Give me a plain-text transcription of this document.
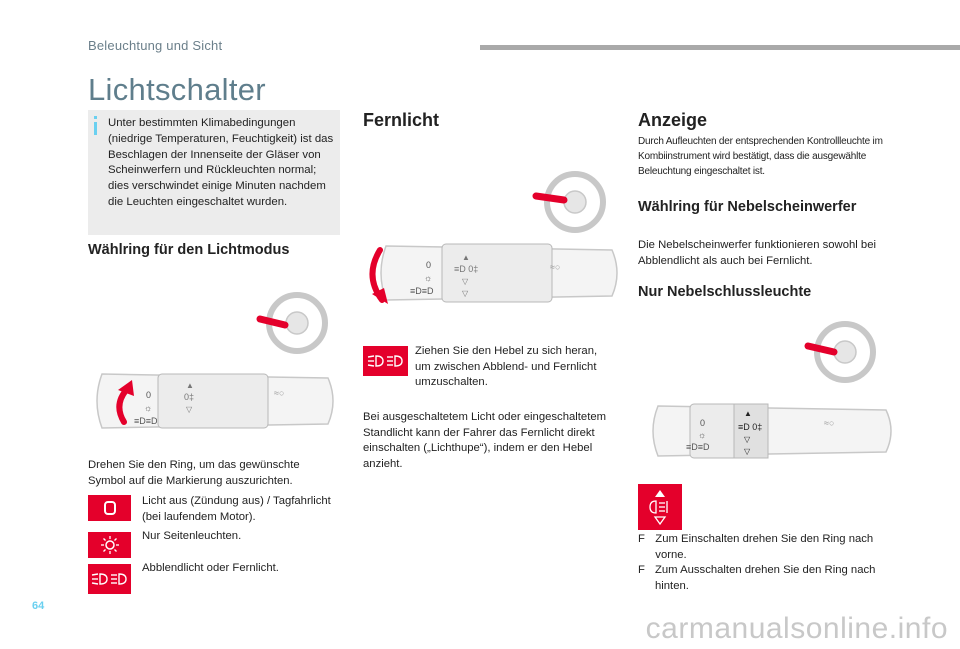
Beleuchtung und Sicht
Lichtschalter
Unter bestimmten Klimabedingungen (niedrige Temperaturen, Feuchtigkeit) ist das Beschlagen der Innenseite der Gläser von Scheinwerfern und Rückleuchten normal; dies verschwindet einige Minuten nachdem die Leuchten eingeschaltet wurden.
Wählring für den Lichtmodus
0
☼
≡D≡D
▲
0‡
▽
≈○
Drehen Sie den Ring, um das gewünschte Symbol auf die Markierung auszurichten.
Licht aus (Zündung aus) / Tagfahrlicht (bei laufendem Motor).
Nur Seitenleuchten.
Abblendlicht oder Fernlicht.
Fernlicht
0
☼
≡D≡D
▲
≡D 0‡
▽
▽
≈○
Ziehen Sie den Hebel zu sich heran, um zwischen Abblend- und Fernlicht umzuschalten.
Bei ausgeschaltetem Licht oder eingeschaltetem Standlicht kann der Fahrer das Fernlicht direkt einschalten („Lichthupe“), indem er den Hebel anzieht.
Anzeige
Durch Aufleuchten der entsprechenden Kontrollleuchte im Kombiinstrument wird bestätigt, dass die ausgewählte Beleuchtung eingeschaltet ist.
Wählring für Nebelscheinwerfer
Die Nebelscheinwerfer funktionieren sowohl bei Abblendlicht als auch bei Fernlicht.
Nur Nebelschlussleuchte
0
☼
≡D≡D
▲
≡D 0‡
▽
▽
≈○
F Zum Einschalten drehen Sie den Ring nach vorne.
F Zum Ausschalten drehen Sie den Ring nach hinten.
64
carmanualsonline.info
